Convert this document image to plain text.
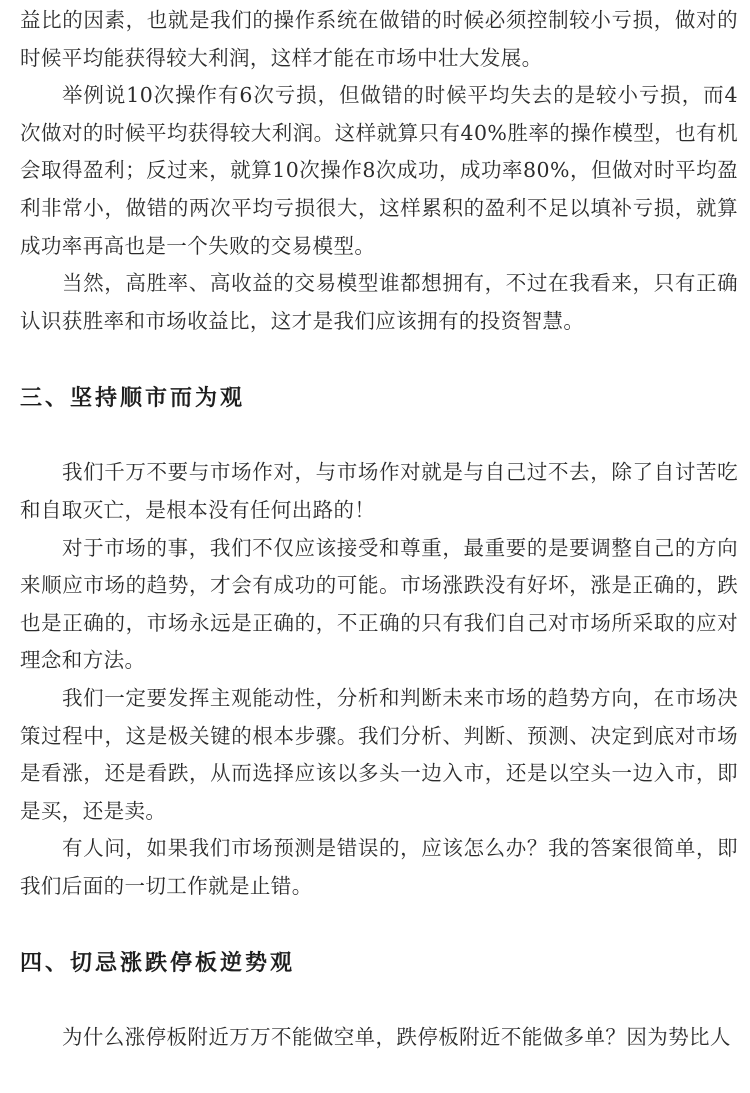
益比的因素，也就是我们的操作系统在做错的时候必须控制较小亏损，做对的时候平均能获得较大利润，这样才能在市场中壮大发展。

举例说10次操作有6次亏损，但做错的时候平均失去的是较小亏损，而4次做对的时候平均获得较大利润。这样就算只有40%胜率的操作模型，也有机会取得盈利；反过来，就算10次操作8次成功，成功率80%，但做对时平均盈利非常小，做错的两次平均亏损很大，这样累积的盈利不足以填补亏损，就算成功率再高也是一个失败的交易模型。

当然，高胜率、高收益的交易模型谁都想拥有，不过在我看来，只有正确认识获胜率和市场收益比，这才是我们应该拥有的投资智慧。

三、坚持顺市而为观

我们千万不要与市场作对，与市场作对就是与自己过不去，除了自讨苦吃和自取灭亡，是根本没有任何出路的！

对于市场的事，我们不仅应该接受和尊重，最重要的是要调整自己的方向来顺应市场的趋势，才会有成功的可能。市场涨跌没有好坏，涨是正确的，跌也是正确的，市场永远是正确的，不正确的只有我们自己对市场所采取的应对理念和方法。

我们一定要发挥主观能动性，分析和判断未来市场的趋势方向，在市场决策过程中，这是极关键的根本步骤。我们分析、判断、预测、决定到底对市场是看涨，还是看跌，从而选择应该以多头一边入市，还是以空头一边入市，即是买，还是卖。

有人问，如果我们市场预测是错误的，应该怎么办？我的答案很简单，即我们后面的一切工作就是止错。

四、切忌涨跌停板逆势观

为什么涨停板附近万万不能做空单，跌停板附近不能做多单？因为势比人
